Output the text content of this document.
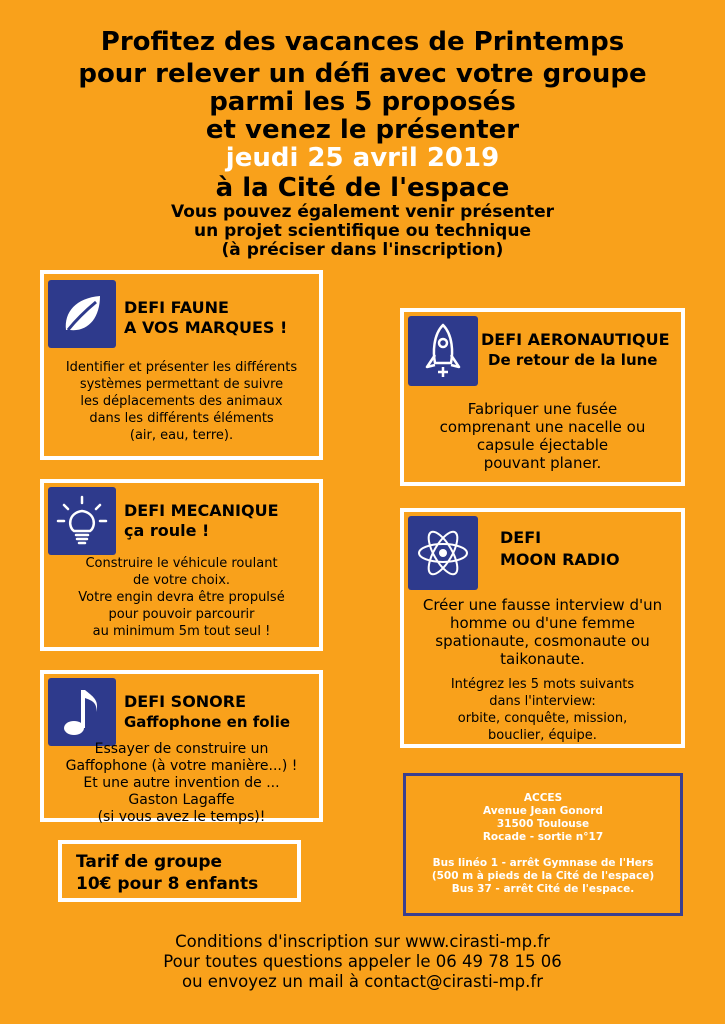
Profitez des vacances de Printemps
pour relever un défi avec votre groupe
parmi les 5 proposés
et venez le présenter
jeudi 25 avril 2019
à la Cité de l'espace
Vous pouvez également venir présenter
un projet scientifique ou technique
(à préciser dans l'inscription)
DEFI FAUNE
A VOS MARQUES !
Identifier et présenter les différents
systèmes permettant de suivre
les déplacements des animaux
dans les différents éléments
(air, eau, terre).
DEFI MECANIQUE
ça roule !
Construire le véhicule roulant
de votre choix.
Votre engin devra être propulsé
pour pouvoir parcourir
au minimum 5m tout seul !
DEFI SONORE
Gaffophone en folie
Essayer de construire un
Gaffophone (à votre manière...) !
Et une autre invention de ...
Gaston Lagaffe
(si vous avez le temps)!
DEFI AERONAUTIQUE
De retour de la lune
Fabriquer une fusée
comprenant une nacelle ou
capsule éjectable
pouvant planer.
DEFI
MOON RADIO
Créer une fausse interview d'un
homme ou d'une femme
spationaute, cosmonaute ou
taikonaute.
Intégrez les 5 mots suivants
dans l'interview:
orbite, conquête, mission,
bouclier, équipe.
Tarif de groupe
10€ pour 8 enfants
ACCES
Avenue Jean Gonord
31500 Toulouse
Rocade - sortie n°17
Bus linéo 1 - arrêt Gymnase de l'Hers
(500 m à pieds de la Cité de l'espace)
Bus 37 - arrêt Cité de l'espace.
Conditions d'inscription sur www.cirasti-mp.fr
Pour toutes questions appeler le 06 49 78 15 06
ou envoyez un mail à contact@cirasti-mp.fr
